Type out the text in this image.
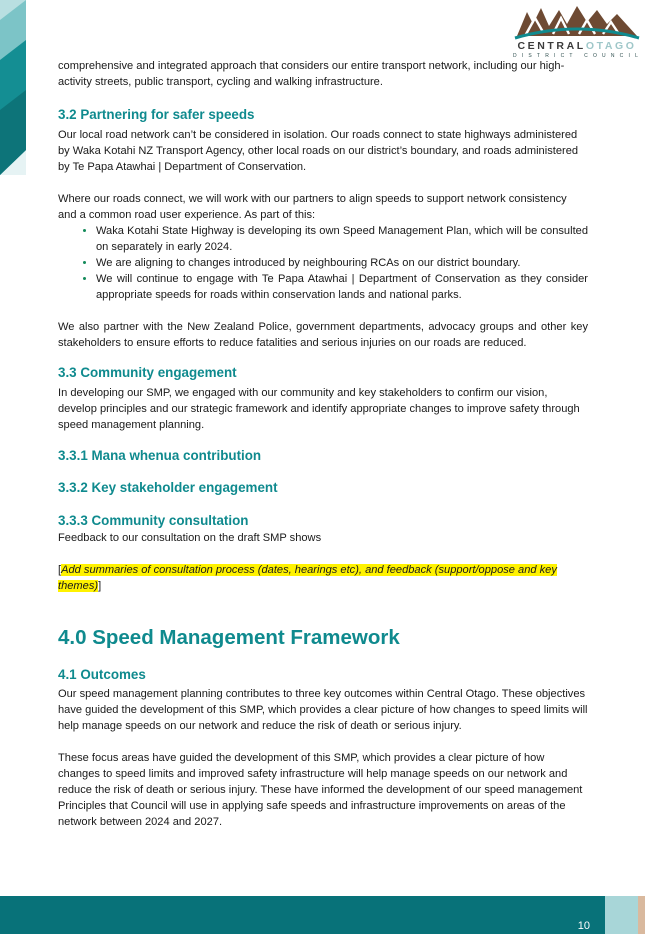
CENTRALOTAGO
DISTRICT COUNCIL

comprehensive and integrated approach that considers our entire transport network, including our high-activity streets, public transport, cycling and walking infrastructure.

3.2 Partnering for safer speeds

Our local road network can’t be considered in isolation. Our roads connect to state highways administered by Waka Kotahi NZ Transport Agency, other local roads on our district’s boundary, and roads administered by Te Papa Atawhai | Department of Conservation.

Where our roads connect, we will work with our partners to align speeds to support network consistency and a common road user experience. As part of this:

• Waka Kotahi State Highway is developing its own Speed Management Plan, which will be consulted on separately in early 2024.
• We are aligning to changes introduced by neighbouring RCAs on our district boundary.
• We will continue to engage with Te Papa Atawhai | Department of Conservation as they consider appropriate speeds for roads within conservation lands and national parks.

We also partner with the New Zealand Police, government departments, advocacy groups and other key stakeholders to ensure efforts to reduce fatalities and serious injuries on our roads are reduced.

3.3 Community engagement

In developing our SMP, we engaged with our community and key stakeholders to confirm our vision, develop principles and our strategic framework and identify appropriate changes to improve safety through speed management planning.

3.3.1 Mana whenua contribution
3.3.2 Key stakeholder engagement
3.3.3 Community consultation

Feedback to our consultation on the draft SMP shows

[Add summaries of consultation process (dates, hearings etc), and feedback (support/oppose and key themes)]

4.0 Speed Management Framework
4.1 Outcomes

Our speed management planning contributes to three key outcomes within Central Otago. These objectives have guided the development of this SMP, which provides a clear picture of how changes to speed limits will help manage speeds on our network and reduce the risk of death or serious injury.

These focus areas have guided the development of this SMP, which provides a clear picture of how changes to speed limits and improved safety infrastructure will help manage speeds on our network and reduce the risk of death or serious injury. These have informed the development of our speed management Principles that Council will use in applying safe speeds and infrastructure improvements on areas of the network between 2024 and 2027.

10
